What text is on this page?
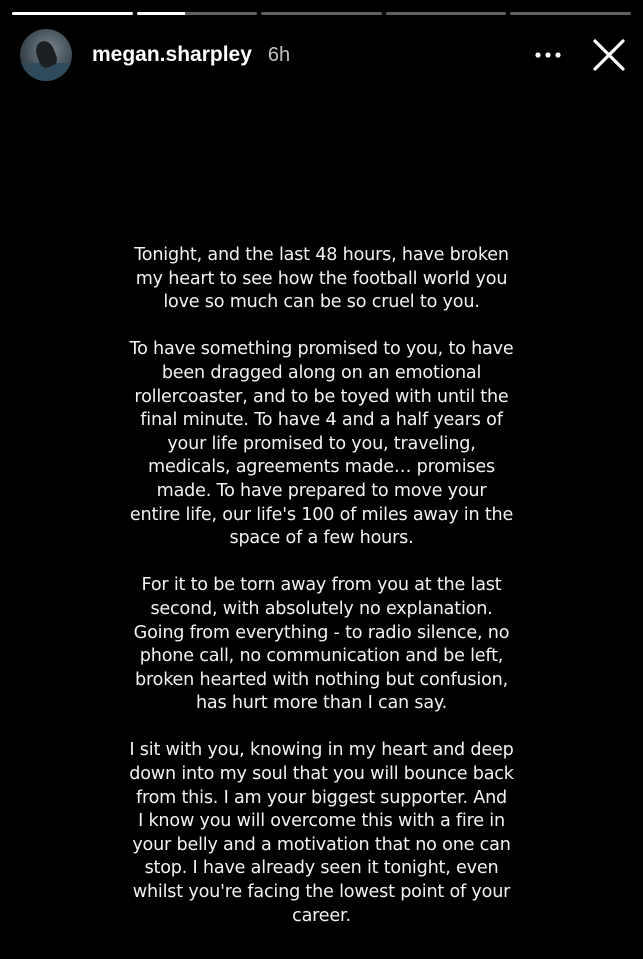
megan.sharpley 6h

Tonight, and the last 48 hours, have broken
my heart to see how the football world you
love so much can be so cruel to you.

To have something promised to you, to have
been dragged along on an emotional
rollercoaster, and to be toyed with until the
final minute. To have 4 and a half years of
your life promised to you, traveling,
medicals, agreements made… promises
made. To have prepared to move your
entire life, our life's 100 of miles away in the
space of a few hours.

For it to be torn away from you at the last
second, with absolutely no explanation.
Going from everything - to radio silence, no
phone call, no communication and be left,
broken hearted with nothing but confusion,
has hurt more than I can say.

I sit with you, knowing in my heart and deep
down into my soul that you will bounce back
from this. I am your biggest supporter. And
I know you will overcome this with a fire in
your belly and a motivation that no one can
stop. I have already seen it tonight, even
whilst you're facing the lowest point of your
career.
